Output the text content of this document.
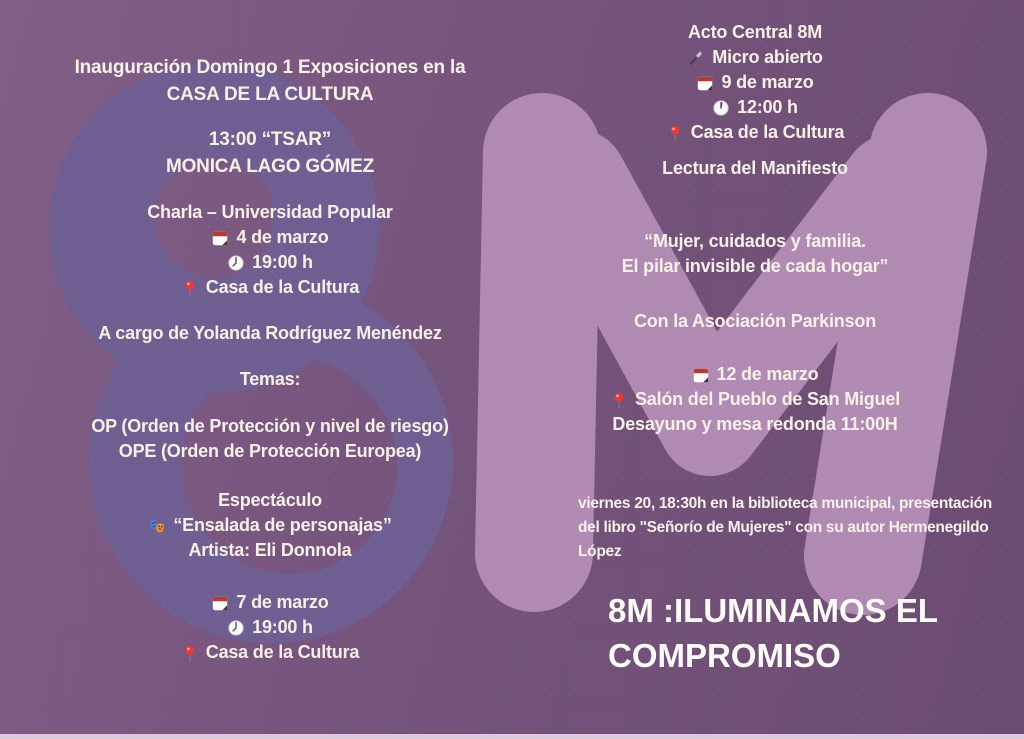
Inauguración Domingo 1 Exposiciones en la
CASA DE LA CULTURA
13:00 “TSAR”
MONICA LAGO GÓMEZ
Charla – Universidad Popular
4 de marzo
19:00 h
Casa de la Cultura
A cargo de Yolanda Rodríguez Menéndez
Temas:
OP (Orden de Protección y nivel de riesgo)
OPE (Orden de Protección Europea)
Espectáculo
“Ensalada de personajas”
Artista: Eli Donnola
7 de marzo
19:00 h
Casa de la Cultura
Acto Central 8M
Micro abierto
9 de marzo
12:00 h
Casa de la Cultura
Lectura del Manifiesto
“Mujer, cuidados y familia.
El pilar invisible de cada hogar”
Con la Asociación Parkinson
12 de marzo
Salón del Pueblo de San Miguel
Desayuno y mesa redonda 11:00H
viernes 20, 18:30h en la biblioteca municipal, presentación del libro "Señorío de Mujeres" con su autor Hermenegildo López
8M :ILUMINAMOS EL
COMPROMISO
